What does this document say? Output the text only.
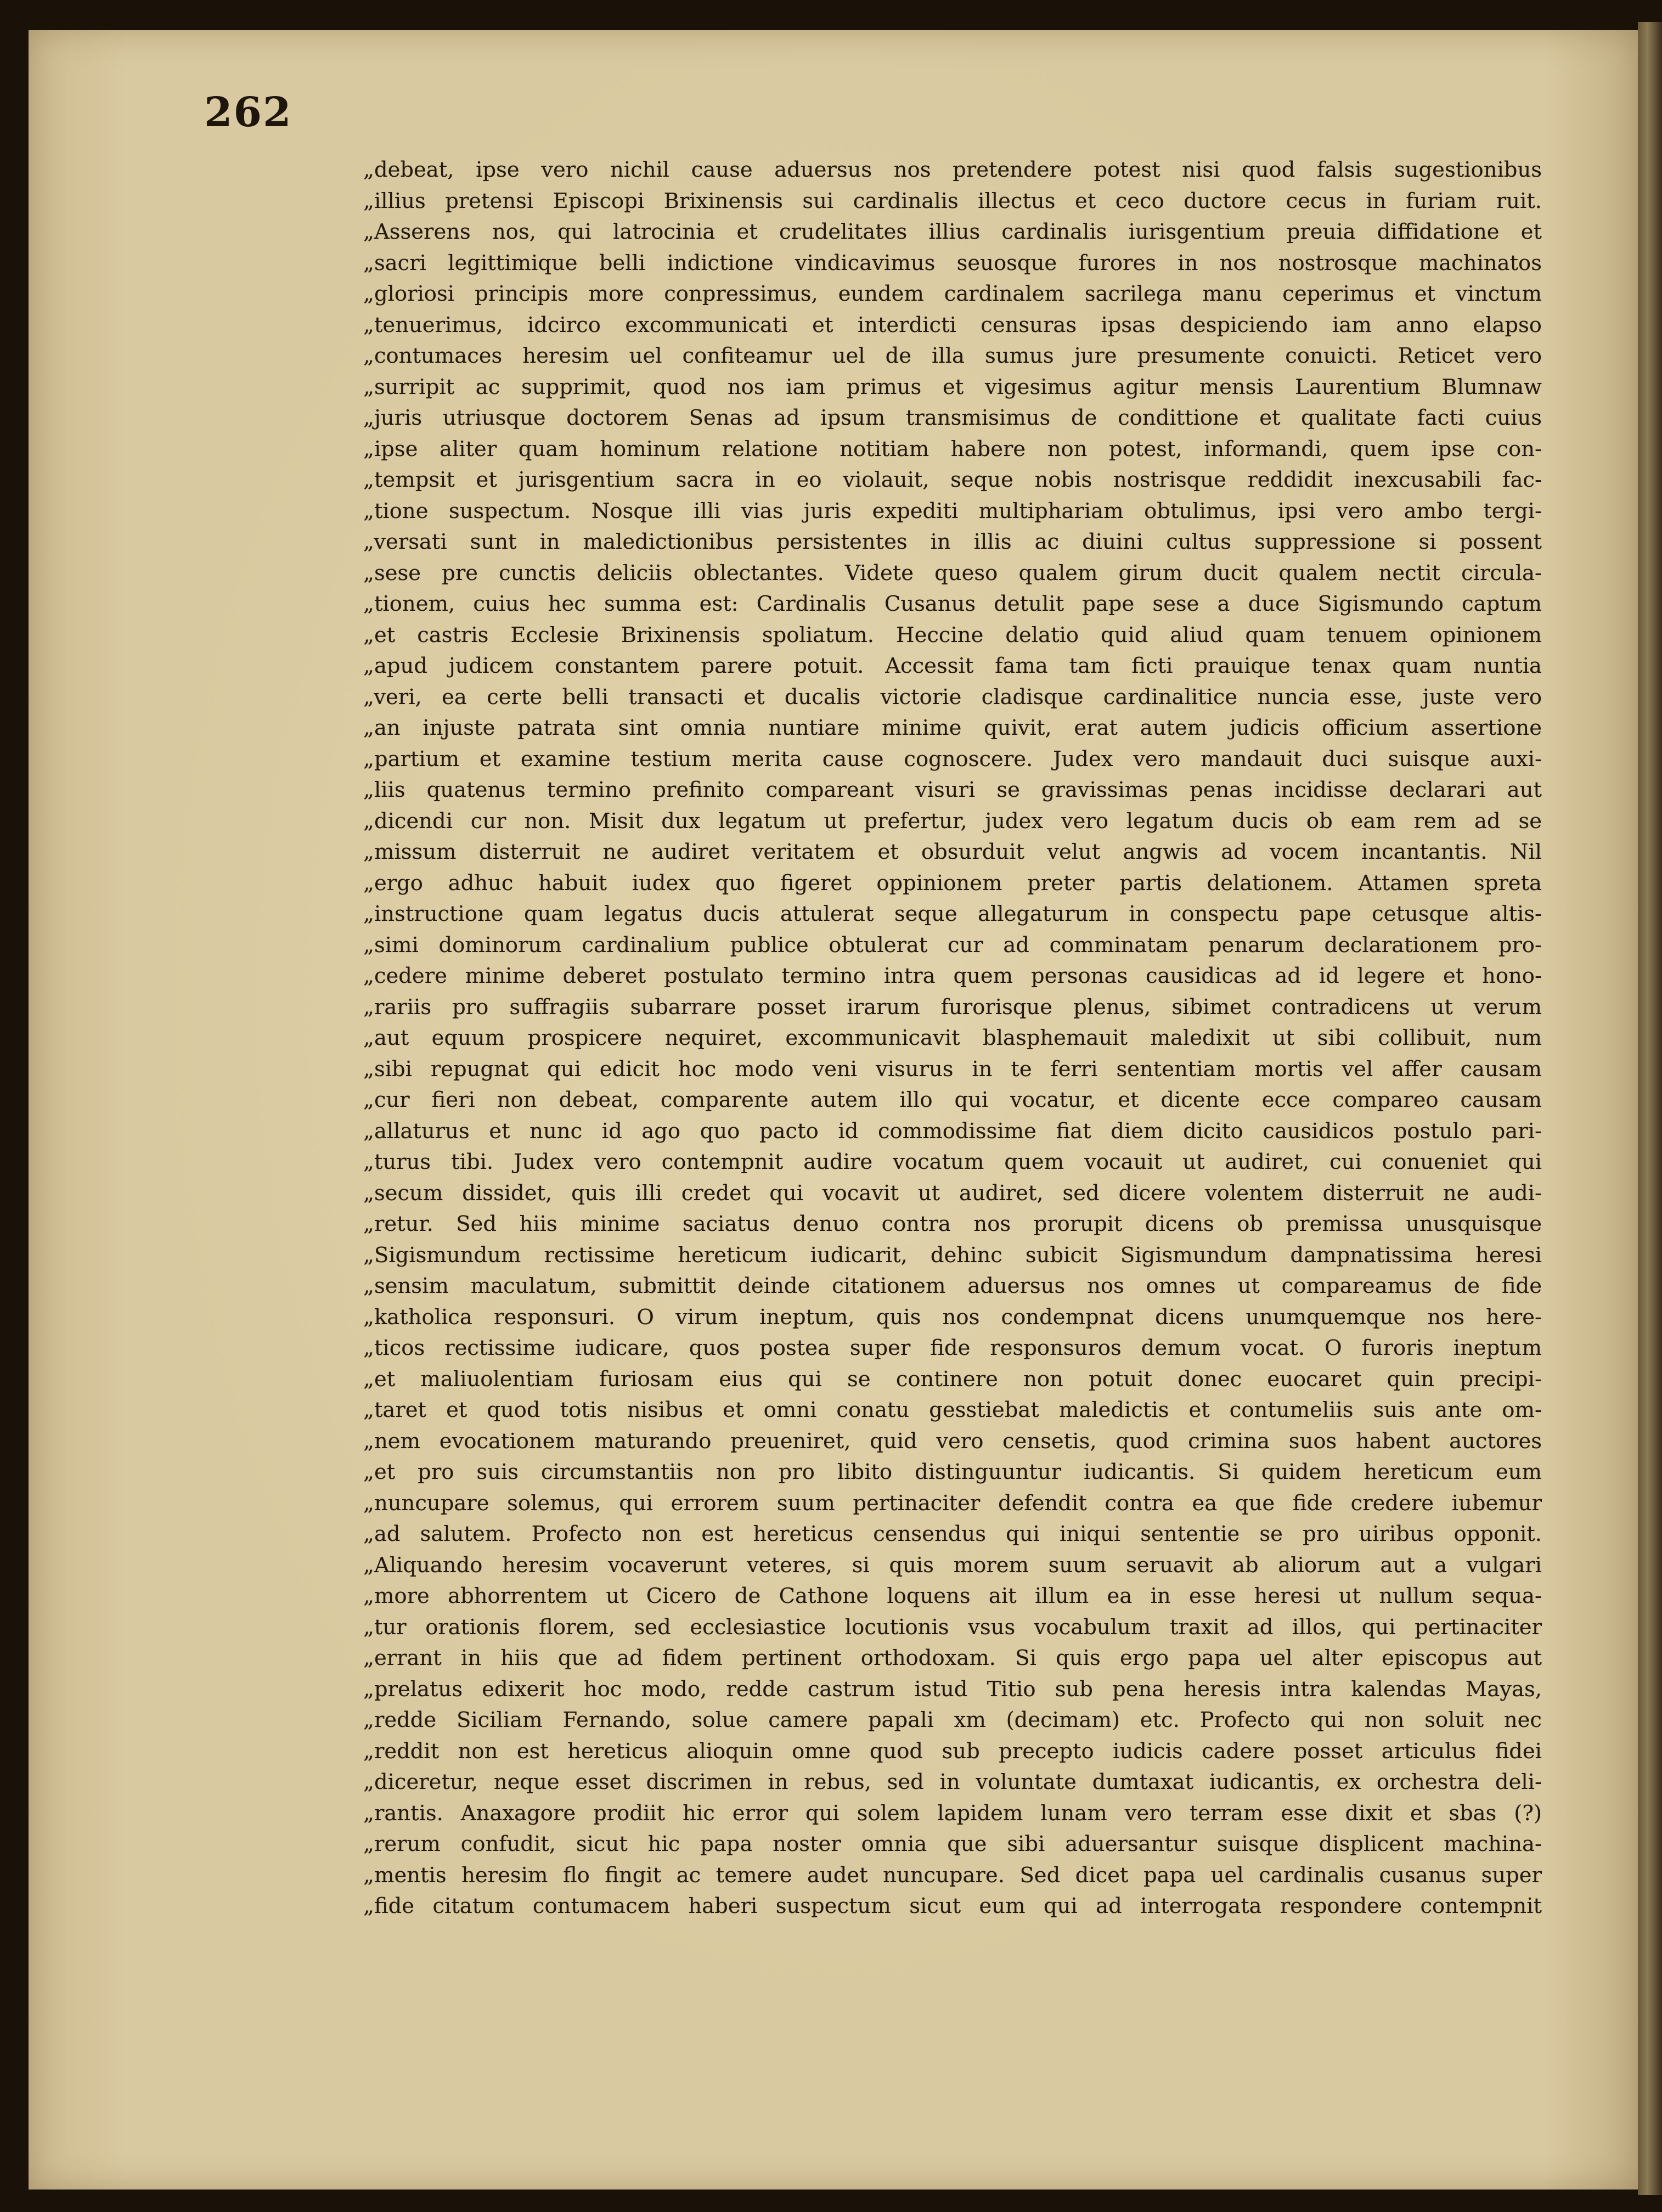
262
„debeat, ipse vero nichil cause aduersus nos pretendere potest nisi quod falsis sugestionibus
„illius pretensi Episcopi Brixinensis sui cardinalis illectus et ceco ductore cecus in furiam ruit.
„Asserens nos, qui latrocinia et crudelitates illius cardinalis iurisgentium preuia diffidatione et
„sacri legittimique belli indictione vindicavimus seuosque furores in nos nostrosque machinatos
„gloriosi principis more conpressimus, eundem cardinalem sacrilega manu ceperimus et vinctum
„tenuerimus, idcirco excommunicati et interdicti censuras ipsas despiciendo iam anno elapso
„contumaces heresim uel confiteamur uel de illa sumus jure presumente conuicti. Reticet vero
„surripit ac supprimit, quod nos iam primus et vigesimus agitur mensis Laurentium Blumnaw
„juris utriusque doctorem Senas ad ipsum transmisimus de condittione et qualitate facti cuius
„ipse aliter quam hominum relatione notitiam habere non potest, informandi, quem ipse con-
„tempsit et jurisgentium sacra in eo violauit, seque nobis nostrisque reddidit inexcusabili fac-
„tione suspectum. Nosque illi vias juris expediti multiphariam obtulimus, ipsi vero ambo tergi-
„versati sunt in maledictionibus persistentes in illis ac diuini cultus suppressione si possent
„sese pre cunctis deliciis oblectantes. Videte queso qualem girum ducit qualem nectit circula-
„tionem, cuius hec summa est: Cardinalis Cusanus detulit pape sese a duce Sigismundo captum
„et castris Ecclesie Brixinensis spoliatum. Heccine delatio quid aliud quam tenuem opinionem
„apud judicem constantem parere potuit. Accessit fama tam ficti prauique tenax quam nuntia
„veri, ea certe belli transacti et ducalis victorie cladisque cardinalitice nuncia esse, juste vero
„an injuste patrata sint omnia nuntiare minime quivit, erat autem judicis officium assertione
„partium et examine testium merita cause cognoscere. Judex vero mandauit duci suisque auxi-
„liis quatenus termino prefinito compareant visuri se gravissimas penas incidisse declarari aut
„dicendi cur non. Misit dux legatum ut prefertur, judex vero legatum ducis ob eam rem ad se
„missum disterruit ne audiret veritatem et obsurduit velut angwis ad vocem incantantis. Nil
„ergo adhuc habuit iudex quo figeret oppinionem preter partis delationem. Attamen spreta
„instructione quam legatus ducis attulerat seque allegaturum in conspectu pape cetusque altis-
„simi dominorum cardinalium publice obtulerat cur ad comminatam penarum declarationem pro-
„cedere minime deberet postulato termino intra quem personas causidicas ad id legere et hono-
„rariis pro suffragiis subarrare posset irarum furorisque plenus, sibimet contradicens ut verum
„aut equum prospicere nequiret, excommunicavit blasphemauit maledixit ut sibi collibuit, num
„sibi repugnat qui edicit hoc modo veni visurus in te ferri sententiam mortis vel affer causam
„cur fieri non debeat, comparente autem illo qui vocatur, et dicente ecce compareo causam
„allaturus et nunc id ago quo pacto id commodissime fiat diem dicito causidicos postulo pari-
„turus tibi. Judex vero contempnit audire vocatum quem vocauit ut audiret, cui conueniet qui
„secum dissidet, quis illi credet qui vocavit ut audiret, sed dicere volentem disterruit ne audi-
„retur. Sed hiis minime saciatus denuo contra nos prorupit dicens ob premissa unusquisque
„Sigismundum rectissime hereticum iudicarit, dehinc subicit Sigismundum dampnatissima heresi
„sensim maculatum, submittit deinde citationem aduersus nos omnes ut compareamus de fide
„katholica responsuri. O virum ineptum, quis nos condempnat dicens unumquemque nos here-
„ticos rectissime iudicare, quos postea super fide responsuros demum vocat. O furoris ineptum
„et maliuolentiam furiosam eius qui se continere non potuit donec euocaret quin precipi-
„taret et quod totis nisibus et omni conatu gesstiebat maledictis et contumeliis suis ante om-
„nem evocationem maturando preueniret, quid vero censetis, quod crimina suos habent auctores
„et pro suis circumstantiis non pro libito distinguuntur iudicantis. Si quidem hereticum eum
„nuncupare solemus, qui errorem suum pertinaciter defendit contra ea que fide credere iubemur
„ad salutem. Profecto non est hereticus censendus qui iniqui sententie se pro uiribus opponit.
„Aliquando heresim vocaverunt veteres, si quis morem suum seruavit ab aliorum aut a vulgari
„more abhorrentem ut Cicero de Cathone loquens ait illum ea in esse heresi ut nullum sequa-
„tur orationis florem, sed ecclesiastice locutionis vsus vocabulum traxit ad illos, qui pertinaciter
„errant in hiis que ad fidem pertinent orthodoxam. Si quis ergo papa uel alter episcopus aut
„prelatus edixerit hoc modo, redde castrum istud Titio sub pena heresis intra kalendas Mayas,
„redde Siciliam Fernando, solue camere papali xm (decimam) etc. Profecto qui non soluit nec
„reddit non est hereticus alioquin omne quod sub precepto iudicis cadere posset articulus fidei
„diceretur, neque esset discrimen in rebus, sed in voluntate dumtaxat iudicantis, ex orchestra deli-
„rantis. Anaxagore prodiit hic error qui solem lapidem lunam vero terram esse dixit et sbas (?)
„rerum confudit, sicut hic papa noster omnia que sibi aduersantur suisque displicent machina-
„mentis heresim flo fingit ac temere audet nuncupare. Sed dicet papa uel cardinalis cusanus super
„fide citatum contumacem haberi suspectum sicut eum qui ad interrogata respondere contempnit
